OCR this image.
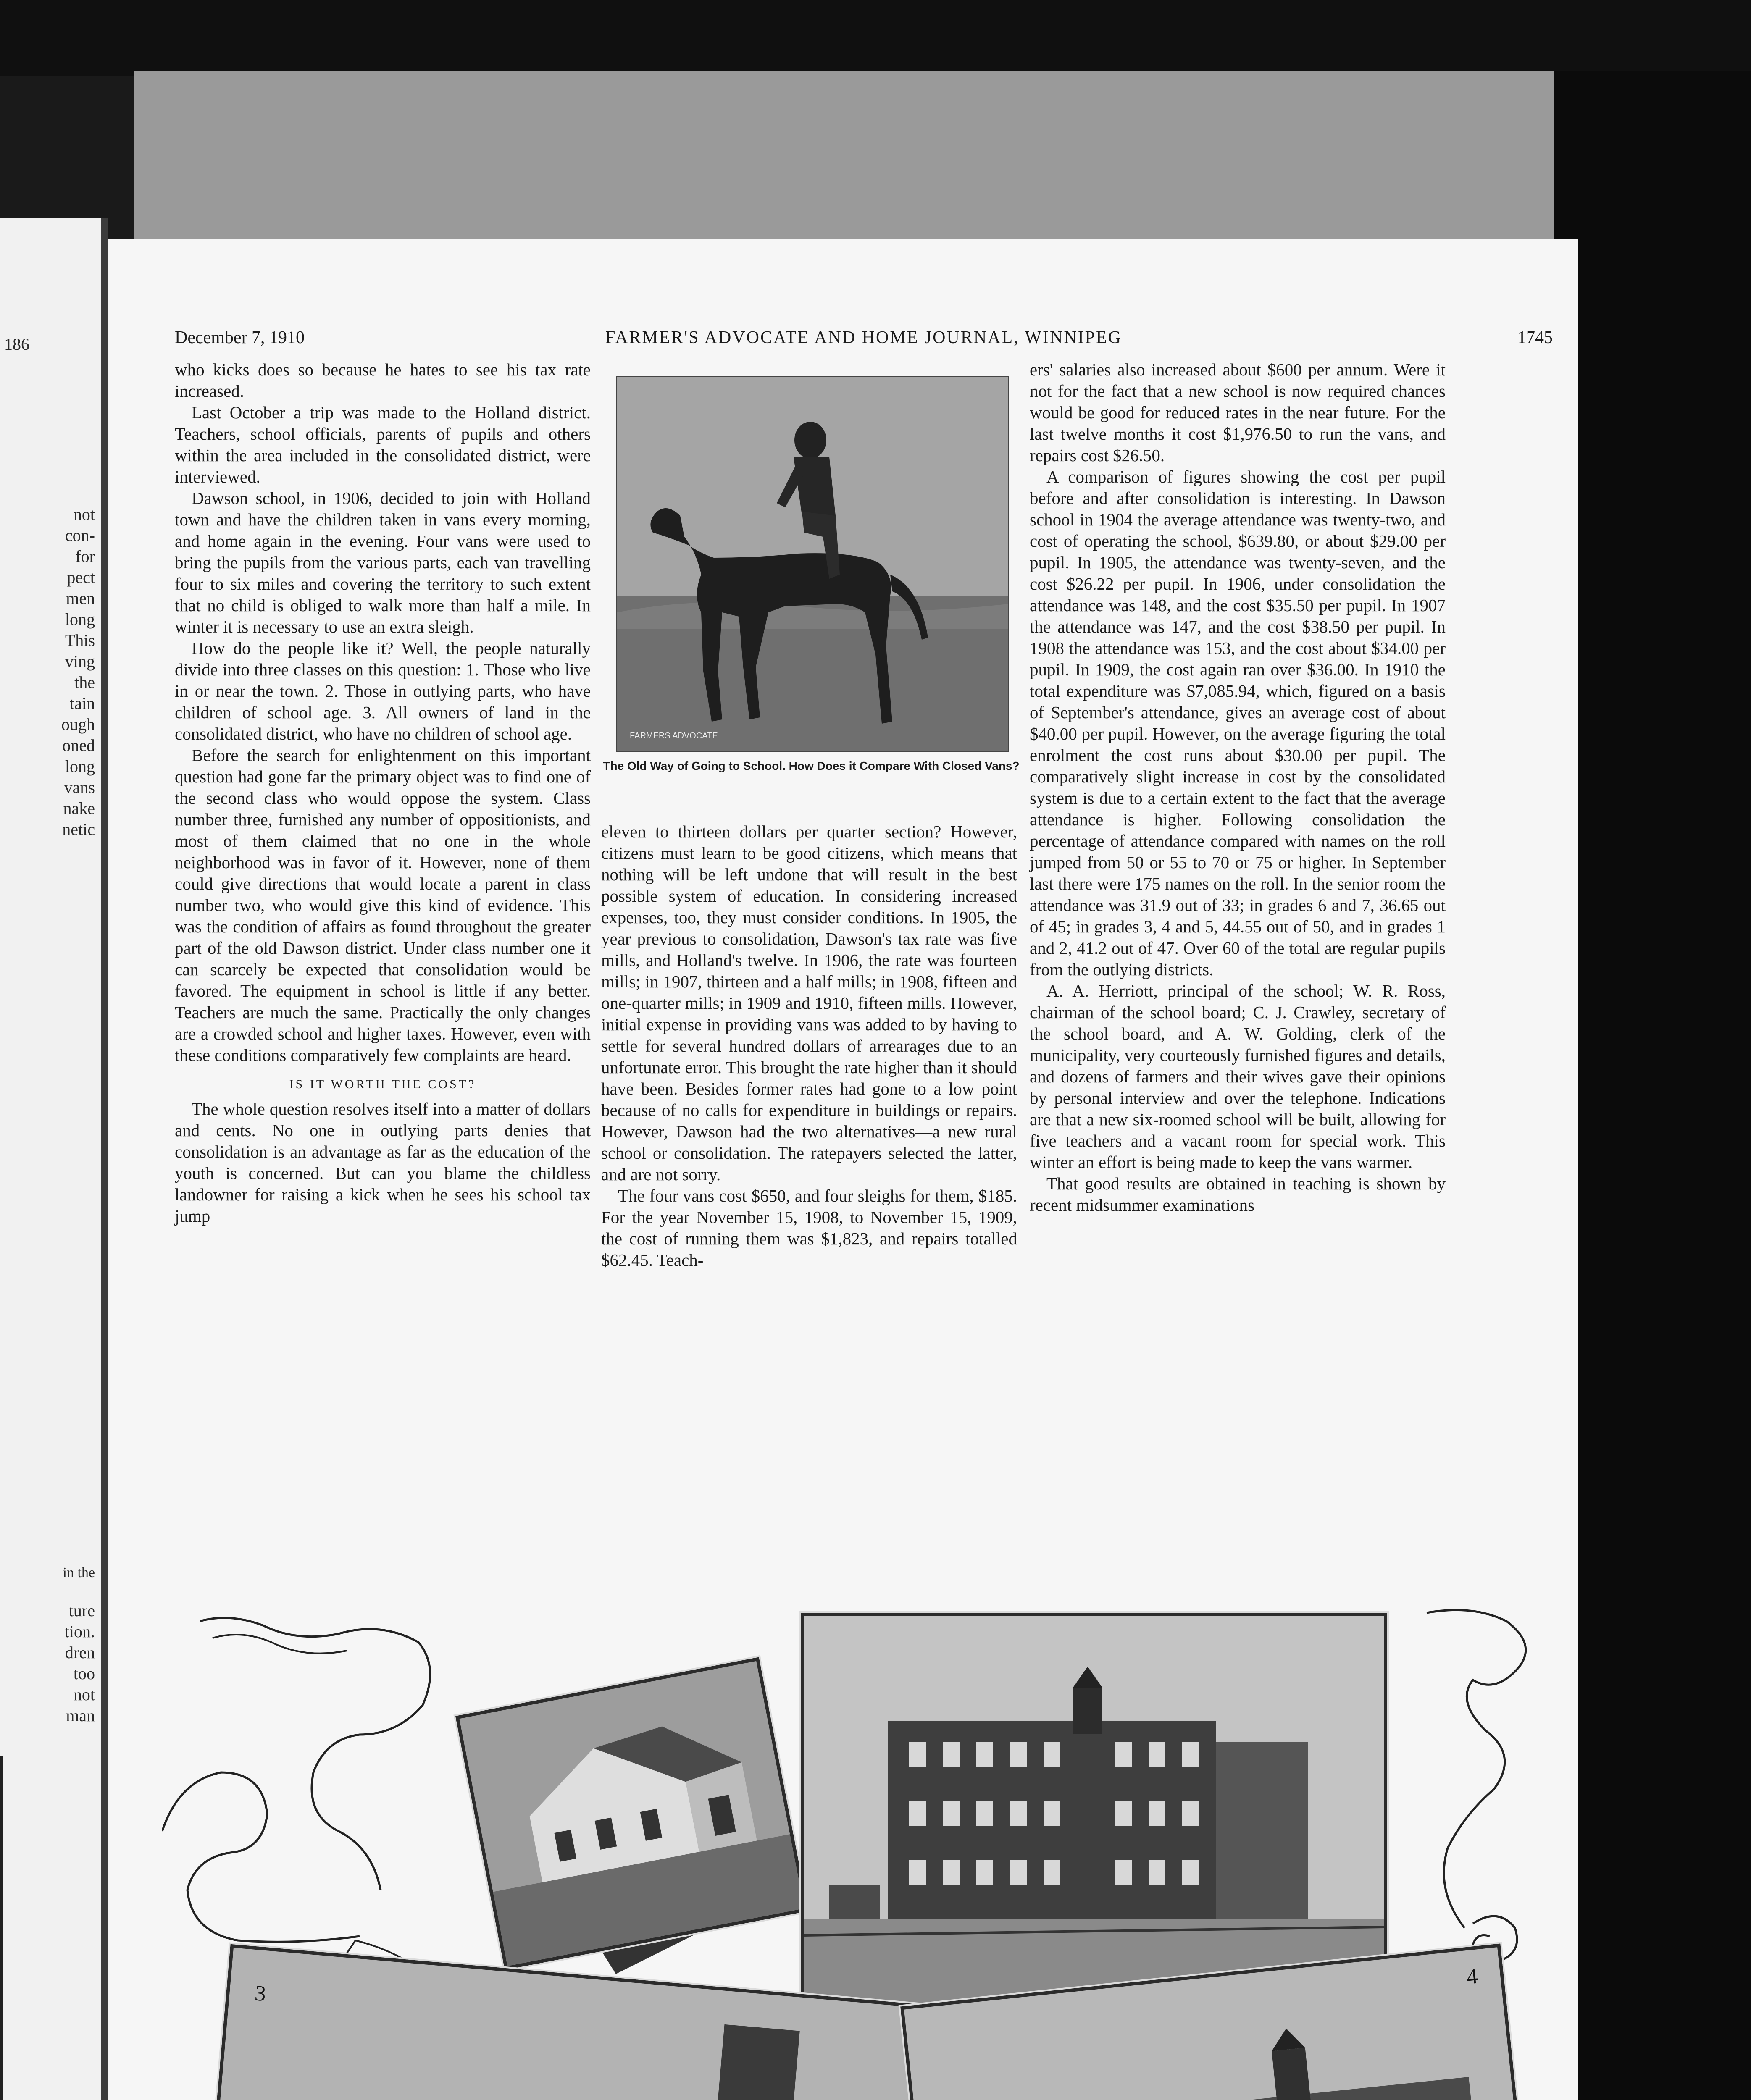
186
not
con-
for
pect
men
long
This
ving
the
tain
ough
oned
long
vans
nake
netic
in the
ture
tion.
dren
too
not
man
December 7, 1910	FARMER'S ADVOCATE AND HOME JOURNAL, WINNIPEG	1745

who kicks does so because he hates to see his tax rate increased.

Last October a trip was made to the Holland district. Teachers, school officials, parents of pupils and others within the area included in the consolidated district, were interviewed.

Dawson school, in 1906, decided to join with Holland town and have the children taken in vans every morning, and home again in the evening. Four vans were used to bring the pupils from the various parts, each van travelling four to six miles and covering the territory to such extent that no child is obliged to walk more than half a mile. In winter it is necessary to use an extra sleigh.

How do the people like it? Well, the people naturally divide into three classes on this question: 1. Those who live in or near the town. 2. Those in outlying parts, who have children of school age. 3. All owners of land in the consolidated district, who have no children of school age.

Before the search for enlightenment on this important question had gone far the primary object was to find one of the second class who would oppose the system. Class number three, furnished any number of oppositionists, and most of them claimed that no one in the whole neighborhood was in favor of it. However, none of them could give directions that would locate a parent in class number two, who would give this kind of evidence. This was the condition of affairs as found throughout the greater part of the old Dawson district. Under class number one it can scarcely be expected that consolidation would be favored. The equipment in school is little if any better. Teachers are much the same. Practically the only changes are a crowded school and higher taxes. However, even with these conditions comparatively few complaints are heard.

IS IT WORTH THE COST?

The whole question resolves itself into a matter of dollars and cents. No one in outlying parts denies that consolidation is an advantage as far as the education of the youth is concerned. But can you blame the childless landowner for raising a kick when he sees his school tax jump

FARMERS ADVOCATE
The Old Way of Going to School. How Does it Compare With Closed Vans?

eleven to thirteen dollars per quarter section? However, citizens must learn to be good citizens, which means that nothing will be left undone that will result in the best possible system of education. In considering increased expenses, too, they must consider conditions. In 1905, the year previous to consolidation, Dawson's tax rate was five mills, and Holland's twelve. In 1906, the rate was fourteen mills; in 1907, thirteen and a half mills; in 1908, fifteen and one-quarter mills; in 1909 and 1910, fifteen mills. However, initial expense in providing vans was added to by having to settle for several hundred dollars of arrearages due to an unfortunate error. This brought the rate higher than it should have been. Besides former rates had gone to a low point because of no calls for expenditure in buildings or repairs. However, Dawson had the two alternatives—a new rural school or consolidation. The ratepayers selected the latter, and are not sorry.

The four vans cost $650, and four sleighs for them, $185. For the year November 15, 1908, to November 15, 1909, the cost of running them was $1,823, and repairs totalled $62.45. Teach-

ers' salaries also increased about $600 per annum. Were it not for the fact that a new school is now required chances would be good for reduced rates in the near future. For the last twelve months it cost $1,976.50 to run the vans, and repairs cost $26.50.

A comparison of figures showing the cost per pupil before and after consolidation is interesting. In Dawson school in 1904 the average attendance was twenty-two, and cost of operating the school, $639.80, or about $29.00 per pupil. In 1905, the attendance was twenty-seven, and the cost $26.22 per pupil. In 1906, under consolidation the attendance was 148, and the cost $35.50 per pupil. In 1907 the attendance was 147, and the cost $38.50 per pupil. In 1908 the attendance was 153, and the cost about $34.00 per pupil. In 1909, the cost again ran over $36.00. In 1910 the total expenditure was $7,085.94, which, figured on a basis of September's attendance, gives an average cost of about $40.00 per pupil. However, on the average figuring the total enrolment the cost runs about $30.00 per pupil. The comparatively slight increase in cost by the consolidated system is due to a certain extent to the fact that the average attendance is higher. Following consolidation the percentage of attendance compared with names on the roll jumped from 50 or 55 to 70 or 75 or higher. In September last there were 175 names on the roll. In the senior room the attendance was 31.9 out of 33; in grades 6 and 7, 36.65 out of 45; in grades 3, 4 and 5, 44.55 out of 50, and in grades 1 and 2, 41.2 out of 47. Over 60 of the total are regular pupils from the outlying districts.

A. A. Herriott, principal of the school; W. R. Ross, chairman of the school board; C. J. Crawley, secretary of the school board, and A. W. Golding, clerk of the municipality, very courteously furnished figures and details, and dozens of farmers and their wives gave their opinions by personal interview and over the telephone. Indications are that a new six-roomed school will be built, allowing for five teachers and a vacant room for special work. This winter an effort is being made to keep the vans warmer.

That good results are obtained in teaching is shown by recent midsummer examinations

3
4
